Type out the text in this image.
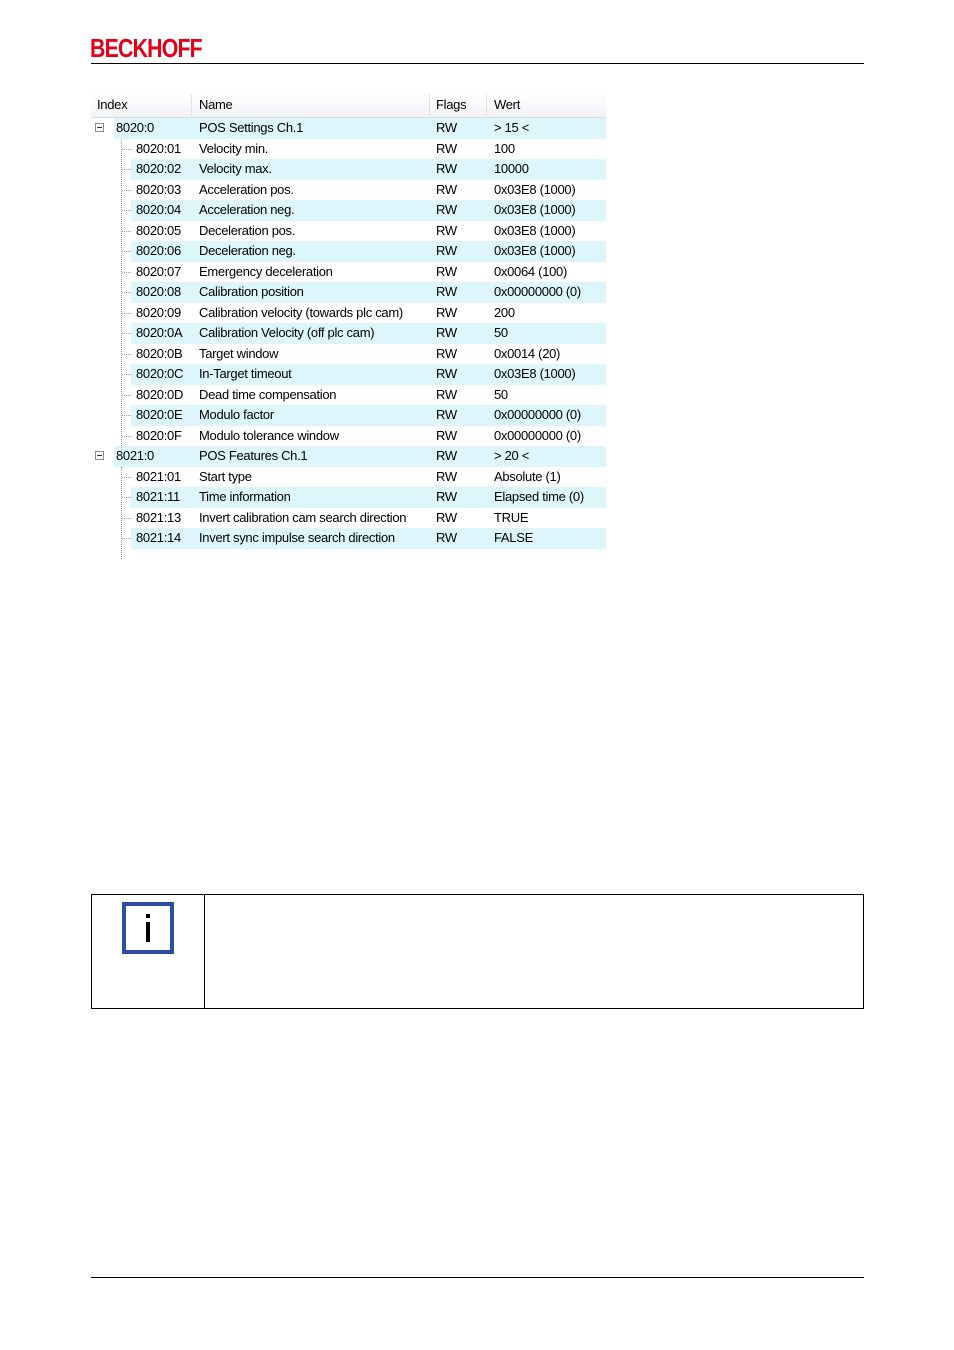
BECKHOFF
Index	Name	Flags	Wert
8020:0	POS Settings Ch.1	RW	> 15 <
8020:01 Velocity min.	RW	100
8020:02 Velocity max.	RW	10000
8020:03 Acceleration pos.	RW	0x03E8 (1000)
8020:04 Acceleration neg.	RW	0x03E8 (1000)
8020:05 Deceleration pos.	RW	0x03E8 (1000)
8020:06 Deceleration neg.	RW	0x03E8 (1000)
8020:07 Emergency deceleration	RW	0x0064 (100)
8020:08 Calibration position	RW	0x00000000 (0)
8020:09 Calibration velocity (towards plc cam)	RW	200
8020:0A Calibration Velocity (off plc cam)	RW	50
8020:0B Target window	RW	0x0014 (20)
8020:0C In-Target timeout	RW	0x03E8 (1000)
8020:0D Dead time compensation	RW	50
8020:0E Modulo factor	RW	0x00000000 (0)
8020:0F Modulo tolerance window	RW	0x00000000 (0)
8021:0	POS Features Ch.1	RW	> 20 <
8021:01 Start type	RW	Absolute (1)
8021:11 Time information	RW	Elapsed time (0)
8021:13 Invert calibration cam search direction RW	TRUE
8021:14 Invert sync impulse search direction	RW	FALSE
